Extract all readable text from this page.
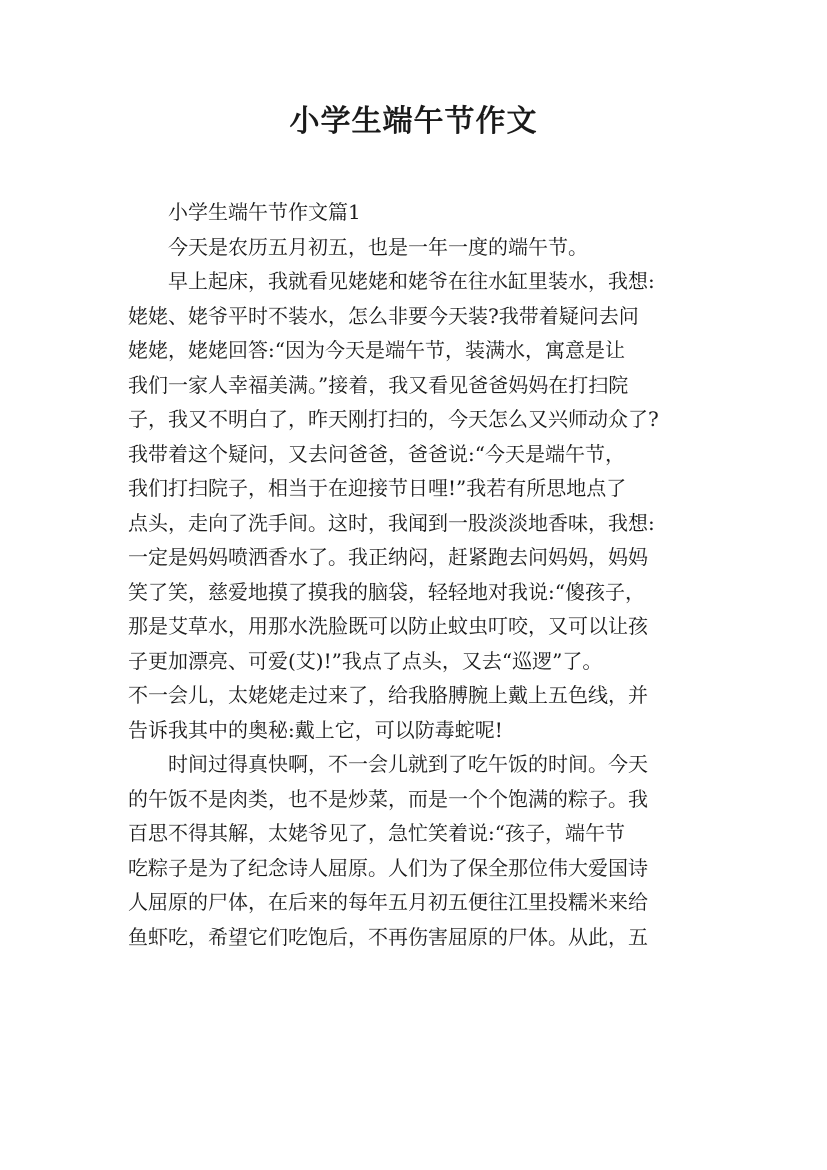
小学生端午节作文

小学生端午节作文篇1

今天是农历五月初五，也是一年一度的端午节。

早上起床，我就看见姥姥和姥爷在往水缸里装水，我想:
姥姥、姥爷平时不装水，怎么非要今天装?我带着疑问去问
姥姥，姥姥回答:“因为今天是端午节，装满水，寓意是让
我们一家人幸福美满。”接着，我又看见爸爸妈妈在打扫院
子，我又不明白了，昨天刚打扫的，今天怎么又兴师动众了?
我带着这个疑问，又去问爸爸，爸爸说:“今天是端午节，
我们打扫院子，相当于在迎接节日哩!”我若有所思地点了
点头，走向了洗手间。这时，我闻到一股淡淡地香味，我想:
一定是妈妈喷洒香水了。我正纳闷，赶紧跑去问妈妈，妈妈
笑了笑，慈爱地摸了摸我的脑袋，轻轻地对我说:“傻孩子，
那是艾草水，用那水洗脸既可以防止蚊虫叮咬，又可以让孩
子更加漂亮、可爱(艾)!”我点了点头，又去“巡逻”了。
不一会儿，太姥姥走过来了，给我胳膊腕上戴上五色线，并
告诉我其中的奥秘:戴上它，可以防毒蛇呢!

时间过得真快啊，不一会儿就到了吃午饭的时间。今天
的午饭不是肉类，也不是炒菜，而是一个个饱满的粽子。我
百思不得其解，太姥爷见了，急忙笑着说:“孩子，端午节
吃粽子是为了纪念诗人屈原。人们为了保全那位伟大爱国诗
人屈原的尸体，在后来的每年五月初五便往江里投糯米来给
鱼虾吃，希望它们吃饱后，不再伤害屈原的尸体。从此，五
